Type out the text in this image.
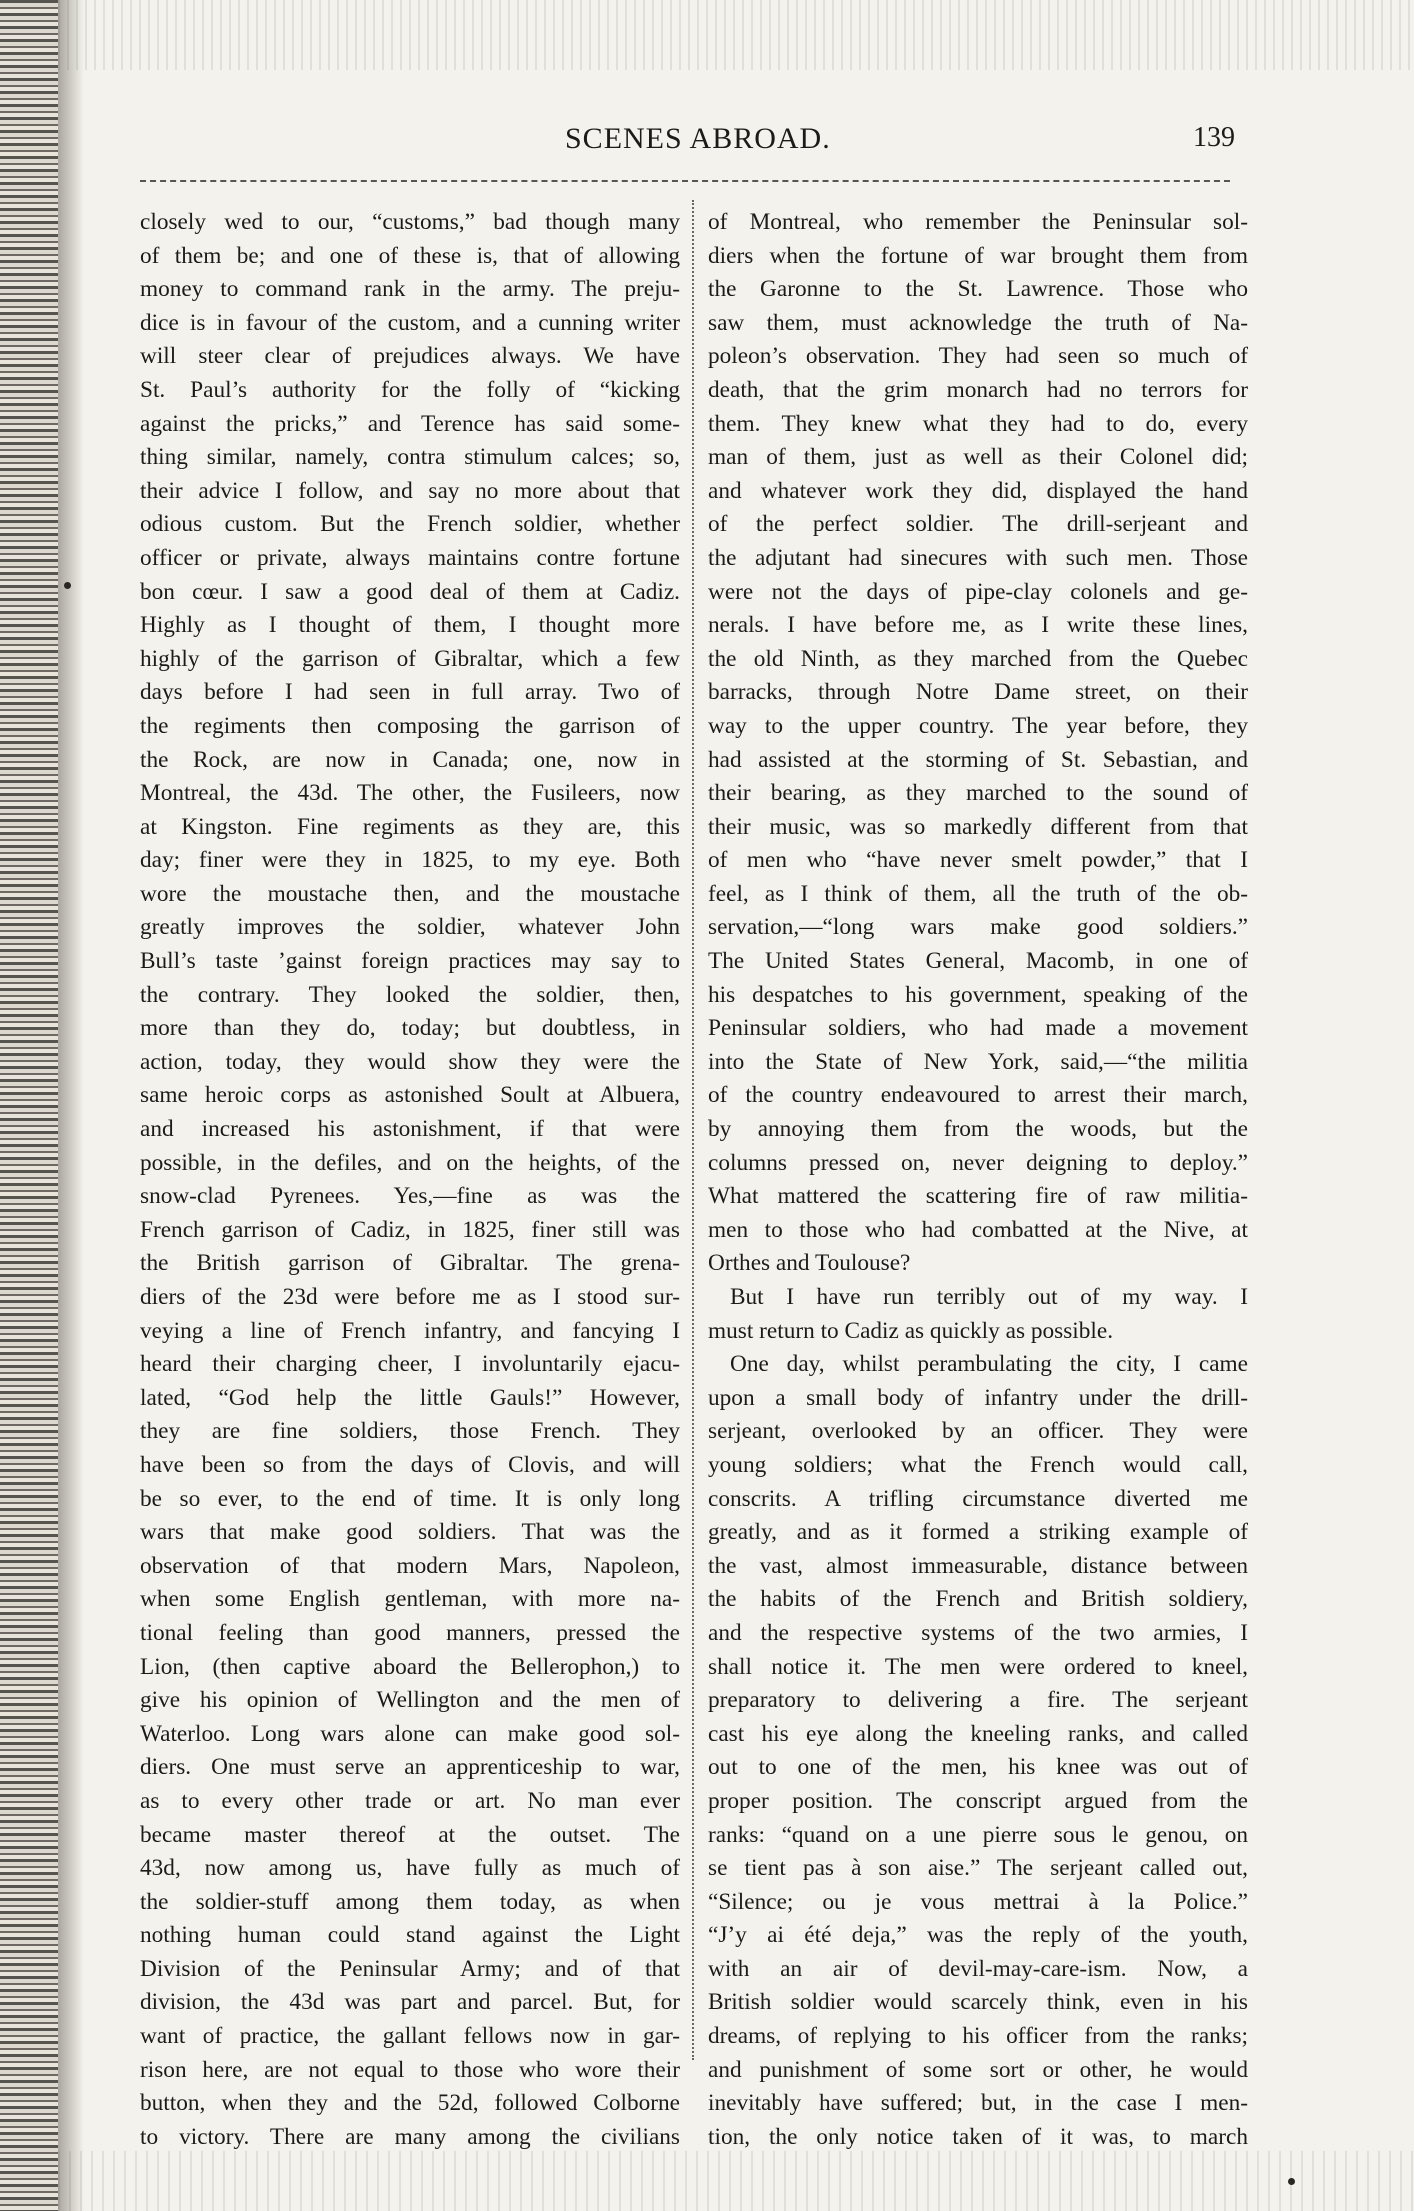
SCENES ABROAD.	139
closely wed to our, “customs,” bad though many
of them be; and one of these is, that of allowing
money to command rank in the army. The preju-
dice is in favour of the custom, and a cunning writer
will steer clear of prejudices always. We have
St. Paul’s authority for the folly of “kicking
against the pricks,” and Terence has said some-
thing similar, namely, contra stimulum calces; so,
their advice I follow, and say no more about that
odious custom. But the French soldier, whether
officer or private, always maintains contre fortune
bon cœur. I saw a good deal of them at Cadiz.
Highly as I thought of them, I thought more
highly of the garrison of Gibraltar, which a few
days before I had seen in full array. Two of
the regiments then composing the garrison of
the Rock, are now in Canada; one, now in
Montreal, the 43d. The other, the Fusileers, now
at Kingston. Fine regiments as they are, this
day; finer were they in 1825, to my eye. Both
wore the moustache then, and the moustache
greatly improves the soldier, whatever John
Bull’s taste ’gainst foreign practices may say to
the contrary. They looked the soldier, then,
more than they do, today; but doubtless, in
action, today, they would show they were the
same heroic corps as astonished Soult at Albuera,
and increased his astonishment, if that were
possible, in the defiles, and on the heights, of the
snow-clad Pyrenees. Yes,—fine as was the
French garrison of Cadiz, in 1825, finer still was
the British garrison of Gibraltar. The grena-
diers of the 23d were before me as I stood sur-
veying a line of French infantry, and fancying I
heard their charging cheer, I involuntarily ejacu-
lated, “God help the little Gauls!” However,
they are fine soldiers, those French. They
have been so from the days of Clovis, and will
be so ever, to the end of time. It is only long
wars that make good soldiers. That was the
observation of that modern Mars, Napoleon,
when some English gentleman, with more na-
tional feeling than good manners, pressed the
Lion, (then captive aboard the Bellerophon,) to
give his opinion of Wellington and the men of
Waterloo. Long wars alone can make good sol-
diers. One must serve an apprenticeship to war,
as to every other trade or art. No man ever
became master thereof at the outset. The
43d, now among us, have fully as much of
the soldier-stuff among them today, as when
nothing human could stand against the Light
Division of the Peninsular Army; and of that
division, the 43d was part and parcel. But, for
want of practice, the gallant fellows now in gar-
rison here, are not equal to those who wore their
button, when they and the 52d, followed Colborne
to victory. There are many among the civilians
of Montreal, who remember the Peninsular sol-
diers when the fortune of war brought them from
the Garonne to the St. Lawrence. Those who
saw them, must acknowledge the truth of Na-
poleon’s observation. They had seen so much of
death, that the grim monarch had no terrors for
them. They knew what they had to do, every
man of them, just as well as their Colonel did;
and whatever work they did, displayed the hand
of the perfect soldier. The drill-serjeant and
the adjutant had sinecures with such men. Those
were not the days of pipe-clay colonels and ge-
nerals. I have before me, as I write these lines,
the old Ninth, as they marched from the Quebec
barracks, through Notre Dame street, on their
way to the upper country. The year before, they
had assisted at the storming of St. Sebastian, and
their bearing, as they marched to the sound of
their music, was so markedly different from that
of men who “have never smelt powder,” that I
feel, as I think of them, all the truth of the ob-
servation,—“long wars make good soldiers.”
The United States General, Macomb, in one of
his despatches to his government, speaking of the
Peninsular soldiers, who had made a movement
into the State of New York, said,—“the militia
of the country endeavoured to arrest their march,
by annoying them from the woods, but the
columns pressed on, never deigning to deploy.”
What mattered the scattering fire of raw militia-
men to those who had combatted at the Nive, at
Orthes and Toulouse?
But I have run terribly out of my way. I
must return to Cadiz as quickly as possible.
One day, whilst perambulating the city, I came
upon a small body of infantry under the drill-
serjeant, overlooked by an officer. They were
young soldiers; what the French would call,
conscrits. A trifling circumstance diverted me
greatly, and as it formed a striking example of
the vast, almost immeasurable, distance between
the habits of the French and British soldiery,
and the respective systems of the two armies, I
shall notice it. The men were ordered to kneel,
preparatory to delivering a fire. The serjeant
cast his eye along the kneeling ranks, and called
out to one of the men, his knee was out of
proper position. The conscript argued from the
ranks: “quand on a une pierre sous le genou, on
se tient pas à son aise.” The serjeant called out,
“Silence; ou je vous mettrai à la Police.”
“J’y ai été deja,” was the reply of the youth,
with an air of devil-may-care-ism. Now, a
British soldier would scarcely think, even in his
dreams, of replying to his officer from the ranks;
and punishment of some sort or other, he would
inevitably have suffered; but, in the case I men-
tion, the only notice taken of it was, to march
